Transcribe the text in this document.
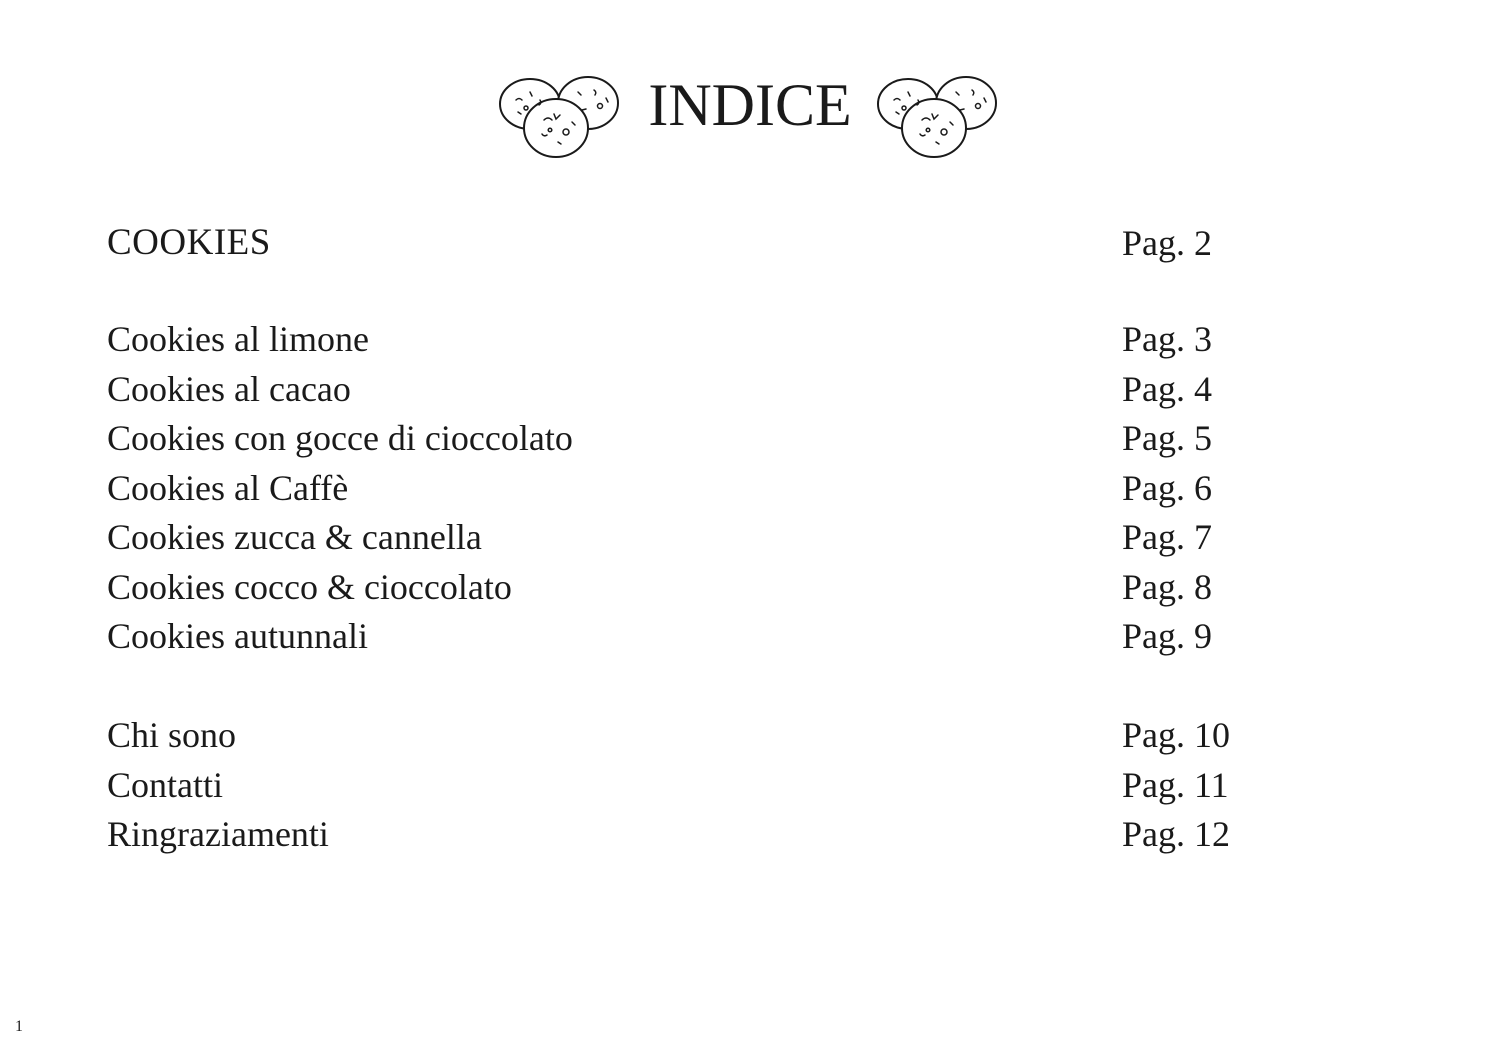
INDICE
COOKIES	Pag. 2
Cookies al limone	Pag. 3
Cookies al cacao	Pag. 4
Cookies con gocce di cioccolato	Pag. 5
Cookies al Caffè	Pag. 6
Cookies zucca & cannella	Pag. 7
Cookies cocco & cioccolato	Pag. 8
Cookies autunnali	Pag. 9
Chi sono	Pag. 10
Contatti	Pag. 11
Ringraziamenti	Pag. 12
1
